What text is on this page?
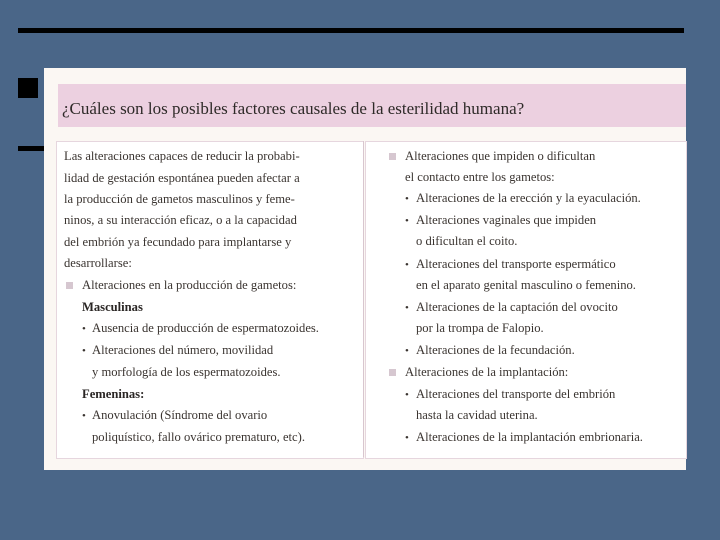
¿Cuáles son los posibles factores causales de la esterilidad humana?
Las alteraciones capaces de reducir la probabi-
lidad de gestación espontánea pueden afectar a
la producción de gametos masculinos y feme-
ninos, a su interacción eficaz, o a la capacidad
del embrión ya fecundado para implantarse y
desarrollarse:
Alteraciones en la producción de gametos:
Masculinas
• Ausencia de producción de espermatozoides.
• Alteraciones del número, movilidad
y morfología de los espermatozoides.
Femeninas:
• Anovulación (Síndrome del ovario
poliquístico, fallo ovárico prematuro, etc).
Alteraciones que impiden o dificultan
el contacto entre los gametos:
• Alteraciones de la erección y la eyaculación.
• Alteraciones vaginales que impiden
o dificultan el coito.
• Alteraciones del transporte espermático
en el aparato genital masculino o femenino.
• Alteraciones de la captación del ovocito
por la trompa de Falopio.
• Alteraciones de la fecundación.
Alteraciones de la implantación:
• Alteraciones del transporte del embrión
hasta la cavidad uterina.
• Alteraciones de la implantación embrionaria.
